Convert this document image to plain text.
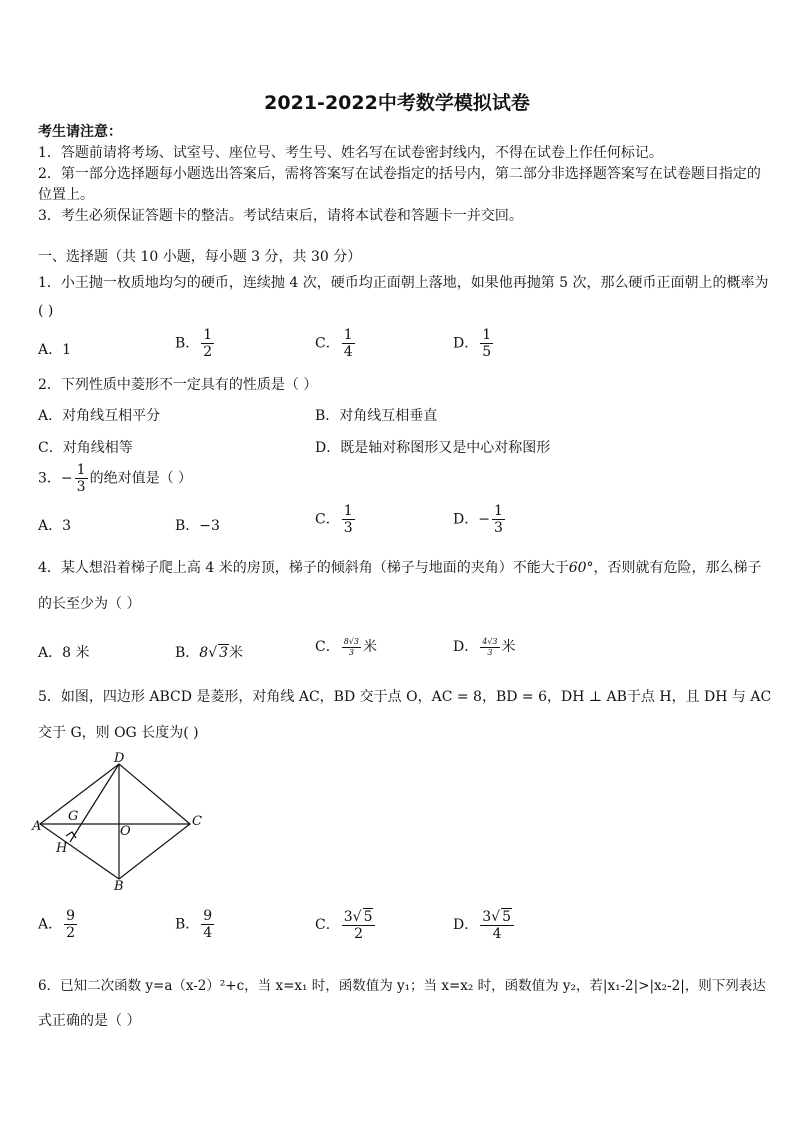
2021-2022中考数学模拟试卷
考生请注意：
1．答题前请将考场、试室号、座位号、考生号、姓名写在试卷密封线内，不得在试卷上作任何标记。
2．第一部分选择题每小题选出答案后，需将答案写在试卷指定的括号内，第二部分非选择题答案写在试卷题目指定的
位置上。
3．考生必须保证答题卡的整洁。考试结束后，请将本试卷和答题卡一并交回。
一、选择题（共 10 小题，每小题 3 分，共 30 分）
1．小王抛一枚质地均匀的硬币，连续抛 4 次，硬币均正面朝上落地，如果他再抛第 5 次，那么硬币正面朝上的概率为
( )
A．1	B． $\frac{1}{2}$	C． $\frac{1}{4}$	D． $\frac{1}{5}$
2．下列性质中菱形不一定具有的性质是（ ）
A．对角线互相平分	B．对角线互相垂直
C．对角线相等	D．既是轴对称图形又是中心对称图形
3．− $\frac{1}{3}$ 的绝对值是（ ）
A．3	B．−3	C． $\frac{1}{3}$	D．− $\frac{1}{3}$
4．某人想沿着梯子爬上高 4 米的房顶，梯子的倾斜角（梯子与地面的夹角）不能大于60°，否则就有危险，那么梯子
的长至少为（ ）
A．8 米	B．8√ 3米	C． $\frac{8√3}{3}$ 米	D． $\frac{4√3}{3}$ 米
5．如图，四边形 ABCD 是菱形，对角线 AC，BD 交于点 O，AC = 8，BD = 6，DH ⊥ AB于点 H，且 DH 与 AC
交于 G，则 OG 长度为( )
D
A
G
O
C
H
B
A． $\frac{9}{2}$	B． $\frac{9}{4}$	C． $\frac{3√ 5}{2}$	D． $\frac{3√ 5}{4}$
6．已知二次函数 y=a（x-2）²+c，当 x=x₁ 时，函数值为 y₁；当 x=x₂ 时，函数值为 y₂，若|x₁-2|>|x₂-2|，则下列表达
式正确的是（ ）
